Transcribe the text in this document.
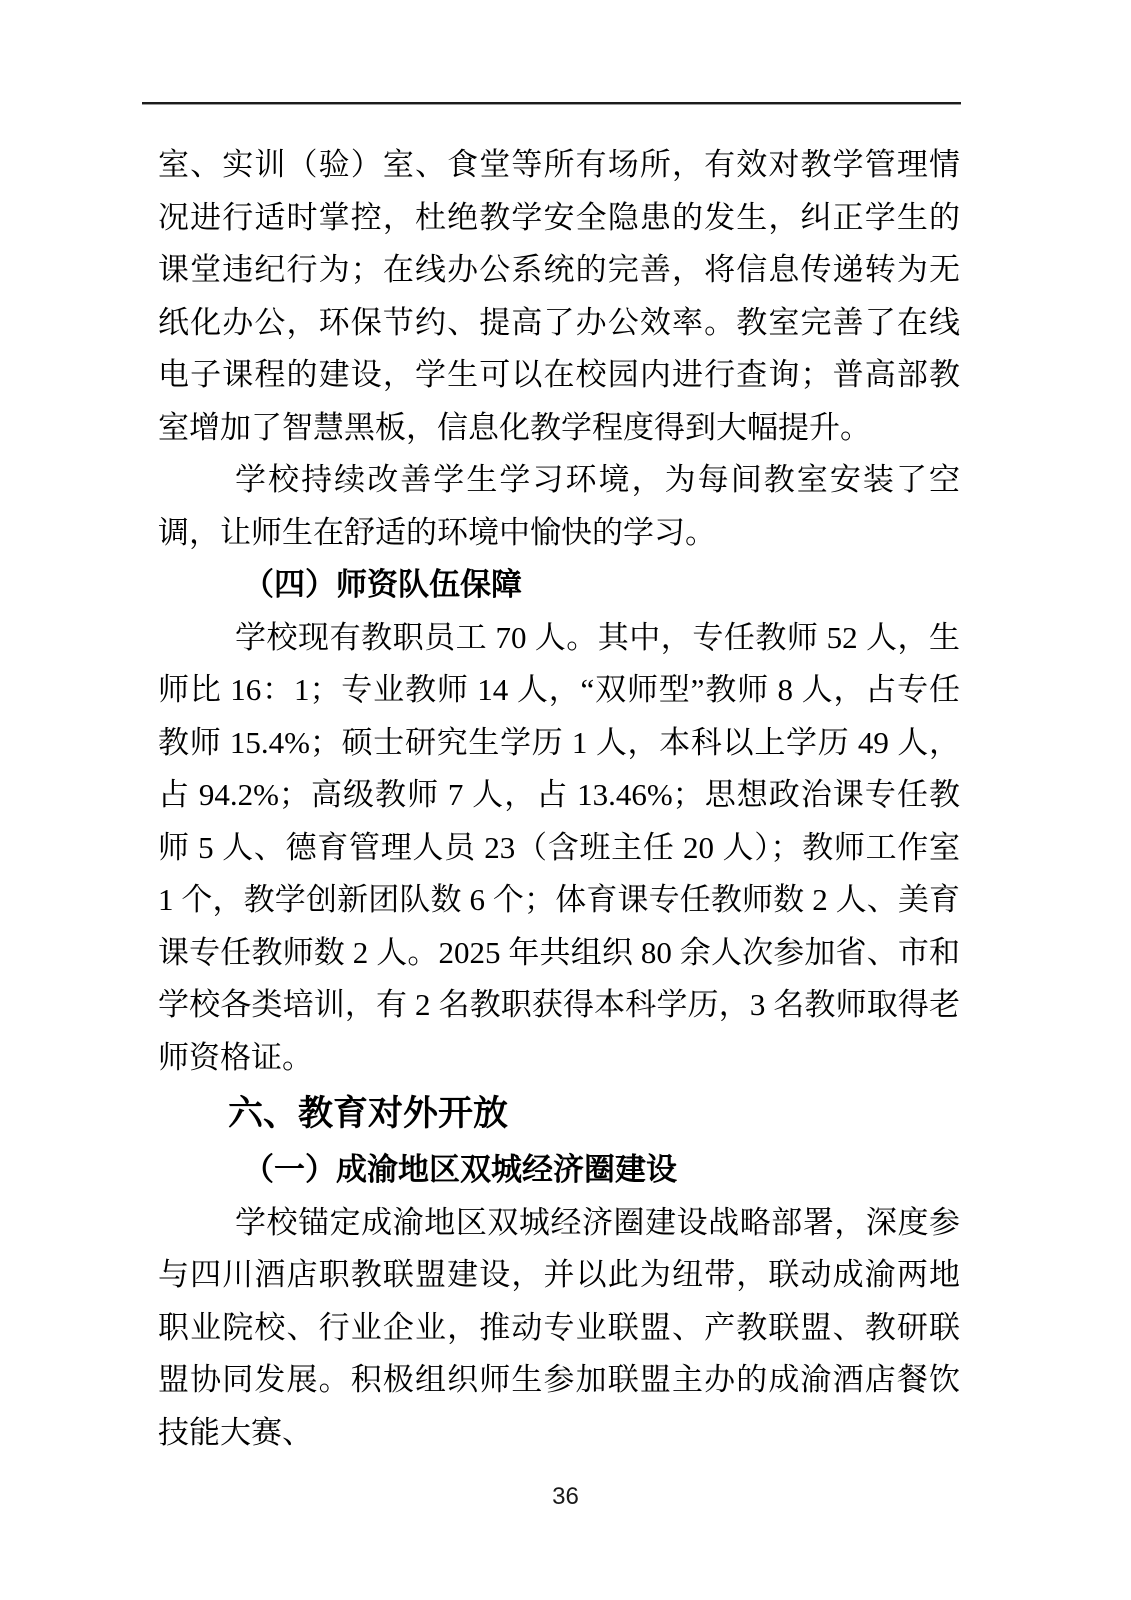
室、实训（验）室、食堂等所有场所，有效对教学管理情况进行适时掌控，杜绝教学安全隐患的发生，纠正学生的课堂违纪行为；在线办公系统的完善，将信息传递转为无纸化办公，环保节约、提高了办公效率。教室完善了在线电子课程的建设，学生可以在校园内进行查询；普高部教室增加了智慧黑板，信息化教学程度得到大幅提升。

学校持续改善学生学习环境，为每间教室安装了空调，让师生在舒适的环境中愉快的学习。

（四）师资队伍保障

学校现有教职员工 70 人。其中，专任教师 52 人，生师比 16：1；专业教师 14 人，“双师型”教师 8 人，占专任教师 15.4%；硕士研究生学历 1 人，本科以上学历 49 人，占 94.2%；高级教师 7 人，占 13.46%；思想政治课专任教师 5 人、德育管理人员 23（含班主任 20 人）；教师工作室 1 个，教学创新团队数 6 个；体育课专任教师数 2 人、美育课专任教师数 2 人。2025 年共组织 80 余人次参加省、市和学校各类培训，有 2 名教职获得本科学历，3 名教师取得老师资格证。

六、教育对外开放
（一）成渝地区双城经济圈建设

学校锚定成渝地区双城经济圈建设战略部署，深度参与四川酒店职教联盟建设，并以此为纽带，联动成渝两地职业院校、行业企业，推动专业联盟、产教联盟、教研联盟协同发展。积极组织师生参加联盟主办的成渝酒店餐饮技能大赛、

36
